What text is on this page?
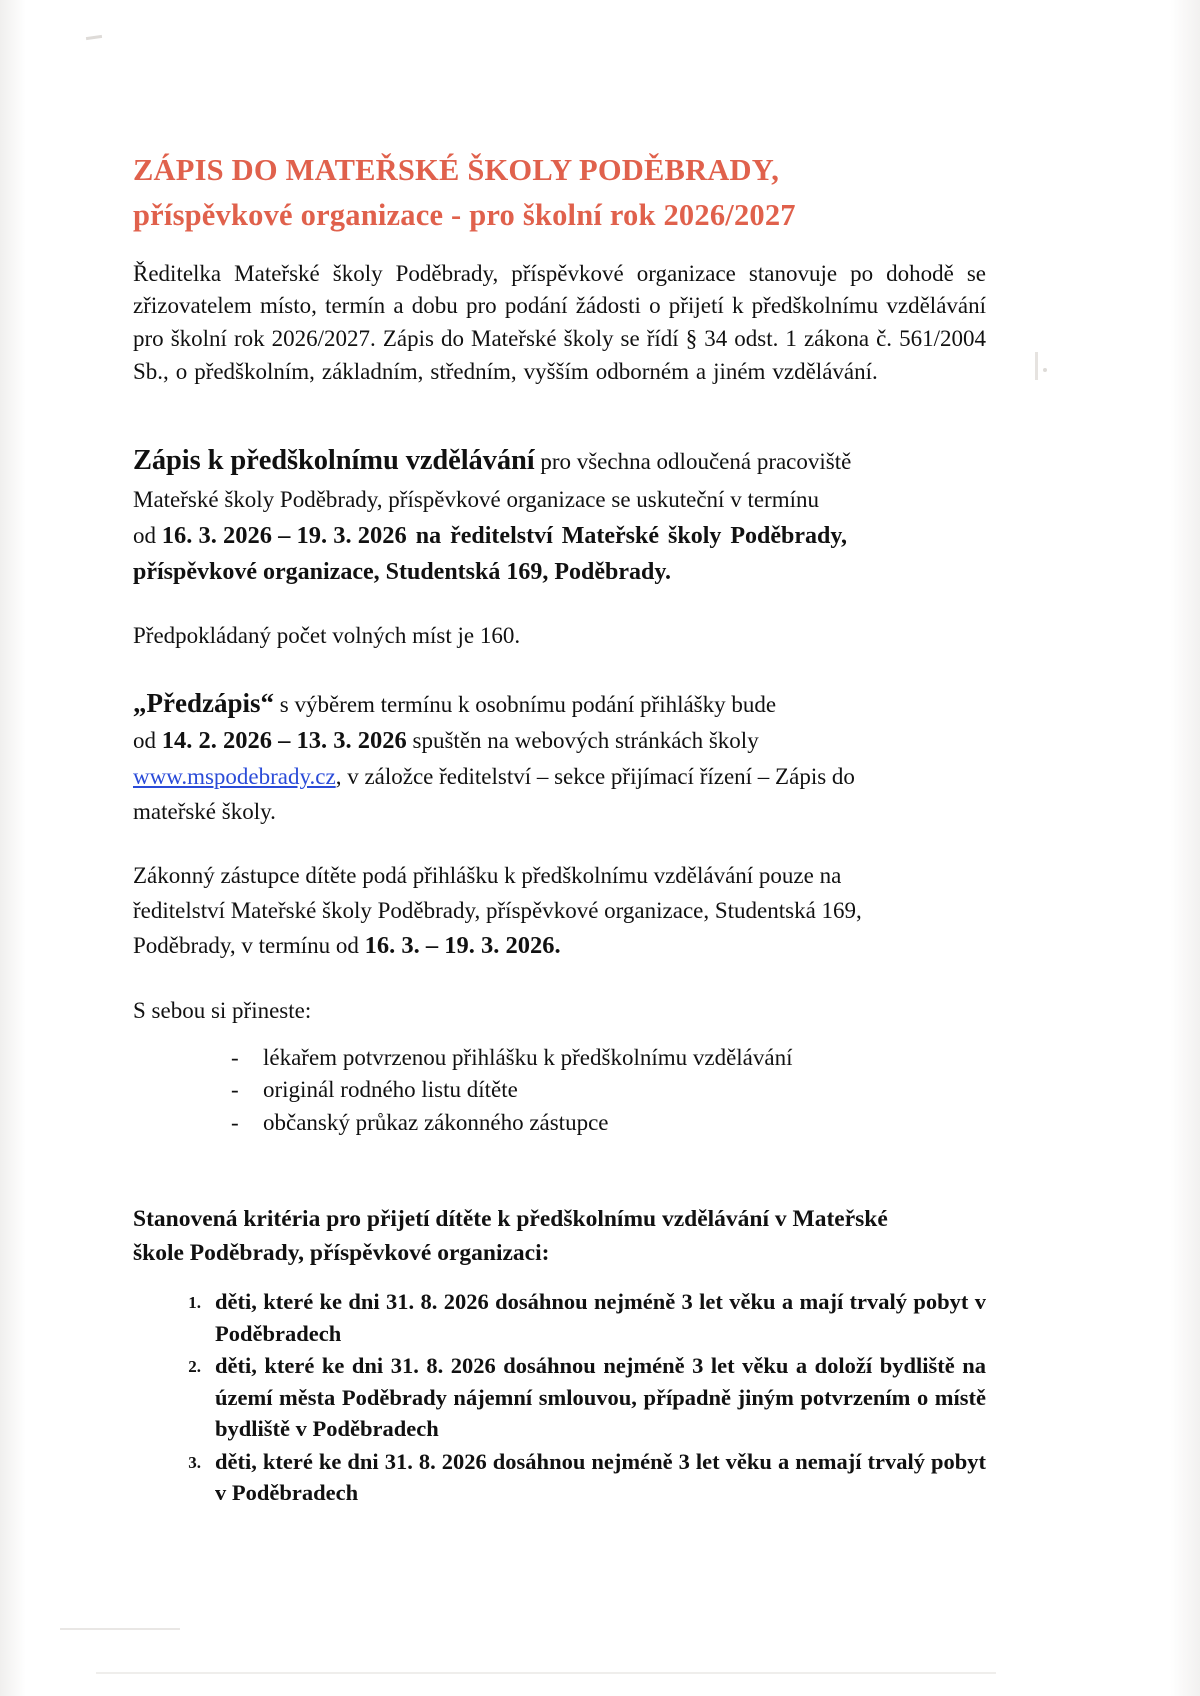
ZÁPIS DO MATEŘSKÉ ŠKOLY PODĚBRADY,
příspěvkové organizace - pro školní rok 2026/2027

Ředitelka Mateřské školy Poděbrady, příspěvkové organizace stanovuje po dohodě se zřizovatelem místo, termín a dobu pro podání žádosti o přijetí k předškolnímu vzdělávání pro školní rok 2026/2027. Zápis do Mateřské školy se řídí § 34 odst. 1 zákona č. 561/2004 Sb., o předškolním, základním, středním, vyšším odborném a jiném vzdělávání.

Zápis k předškolnímu vzdělávání pro všechna odloučená pracoviště
Mateřské školy Poděbrady, příspěvkové organizace se uskuteční v termínu
od 16. 3. 2026 – 19. 3. 2026 na ředitelství Mateřské školy Poděbrady,
příspěvkové organizace, Studentská 169, Poděbrady.

Předpokládaný počet volných míst je 160.

„Předzápis“ s výběrem termínu k osobnímu podání přihlášky bude
od 14. 2. 2026 – 13. 3. 2026 spuštěn na webových stránkách školy
www.mspodebrady.cz, v záložce ředitelství – sekce přijímací řízení – Zápis do
mateřské školy.
Zákonný zástupce dítěte podá přihlášku k předškolnímu vzdělávání pouze na
ředitelství Mateřské školy Poděbrady, příspěvkové organizace, Studentská 169,
Poděbrady, v termínu od 16. 3. – 19. 3. 2026.

S sebou si přineste:

- lékařem potvrzenou přihlášku k předškolnímu vzdělávání
- originál rodného listu dítěte
- občanský průkaz zákonného zástupce
Stanovená kritéria pro přijetí dítěte k předškolnímu vzdělávání v Mateřské
škole Poděbrady, příspěvkové organizaci:
1. děti, které ke dni 31. 8. 2026 dosáhnou nejméně 3 let věku a mají trvalý pobyt v Poděbradech
2. děti, které ke dni 31. 8. 2026 dosáhnou nejméně 3 let věku a doloží bydliště na území města Poděbrady nájemní smlouvou, případně jiným potvrzením o místě bydliště v Poděbradech
3. děti, které ke dni 31. 8. 2026 dosáhnou nejméně 3 let věku a nemají trvalý pobyt v Poděbradech
